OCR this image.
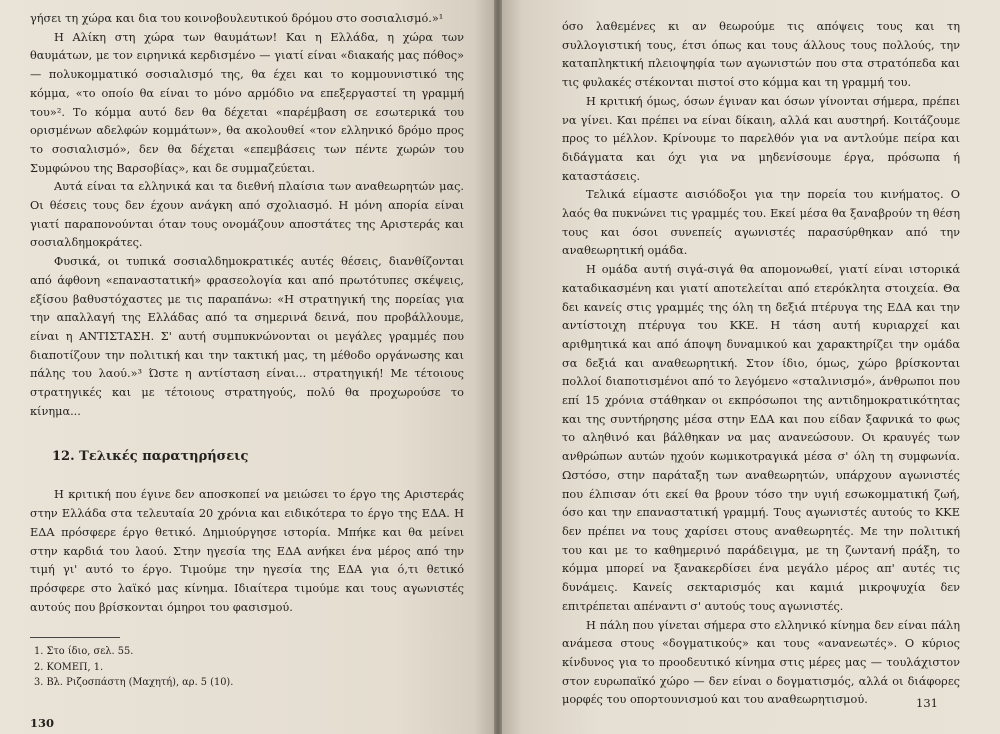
γήσει τη χώρα και δια του κοινοβουλευτικού δρόμου στο σοσιαλισμό.»¹

Η Αλίκη στη χώρα των θαυμάτων! Και η Ελλάδα, η χώρα των θαυμάτων, με τον ειρηνικά κερδισμένο — γιατί είναι «διακαής μας πόθος» — πολυκομματικό σοσιαλισμό της, θα έχει και το κομμουνιστικό της κόμμα, «το οποίο θα είναι το μόνο αρμόδιο να επεξεργαστεί τη γραμμή του»². Το κόμμα αυτό δεν θα δέχεται «παρέμβαση σε εσωτερικά του ορισμένων αδελφών κομμάτων», θα ακολουθεί «τον ελληνικό δρόμο προς το σοσιαλισμό», δεν θα δέχεται «επεμβάσεις των πέντε χωρών του Συμφώνου της Βαρσοβίας», και δε συμμαζεύεται.

Αυτά είναι τα ελληνικά και τα διεθνή πλαίσια των αναθεωρητών μας. Οι θέσεις τους δεν έχουν ανάγκη από σχολιασμό. Η μόνη απορία είναι γιατί παραπονούνται όταν τους ονομάζουν αποστάτες της Αριστεράς και σοσιαλδημοκράτες.

Φυσικά, οι τυπικά σοσιαλδημοκρατικές αυτές θέσεις, διανθίζονται από άφθονη «επαναστατική» φρασεολογία και από πρωτότυπες σκέψεις, εξίσου βαθυστόχαστες με τις παραπάνω: «Η στρατηγική της πορείας για την απαλλαγή της Ελλάδας από τα σημερινά δεινά, που προβάλλουμε, είναι η ΑΝΤΙΣΤΑΣΗ. Σ' αυτή συμπυκνώνονται οι μεγάλες γραμμές που διαποτίζουν την πολιτική και την τακτική μας, τη μέθοδο οργάνωσης και πάλης του λαού.»³ Ώστε η αντίσταση είναι... στρατηγική! Με τέτοιους στρατηγικές και με τέτοιους στρατηγούς, πολύ θα προχωρούσε το κίνημα...

12. Τελικές παρατηρήσεις

Η κριτική που έγινε δεν αποσκοπεί να μειώσει το έργο της Αριστεράς στην Ελλάδα στα τελευταία 20 χρόνια και ειδικότερα το έργο της ΕΔΑ. Η ΕΔΑ πρόσφερε έργο θετικό. Δημιούργησε ιστορία. Μπήκε και θα μείνει στην καρδιά του λαού. Στην ηγεσία της ΕΔΑ ανήκει ένα μέρος από την τιμή γι' αυτό το έργο. Τιμούμε την ηγεσία της ΕΔΑ για ό,τι θετικό πρόσφερε στο λαϊκό μας κίνημα. Ιδιαίτερα τιμούμε και τους αγωνιστές αυτούς που βρίσκονται όμηροι του φασισμού.

1. Στο ίδιο, σελ. 55.

2. ΚΟΜΕΠ, 1.

3. Βλ. Ριζοσπάστη (Μαχητή), αρ. 5 (10).

130

όσο λαθεμένες κι αν θεωρούμε τις απόψεις τους και τη συλλογιστική τους, έτσι όπως και τους άλλους τους πολλούς, την καταπληκτική πλειοψηφία των αγωνιστών που στα στρατόπεδα και τις φυλακές στέκονται πιστοί στο κόμμα και τη γραμμή του.

Η κριτική όμως, όσων έγιναν και όσων γίνονται σήμερα, πρέπει να γίνει. Και πρέπει να είναι δίκαιη, αλλά και αυστηρή. Κοιτάζουμε προς το μέλλον. Κρίνουμε το παρελθόν για να αντλούμε πείρα και διδάγματα και όχι για να μηδενίσουμε έργα, πρόσωπα ή καταστάσεις.

Τελικά είμαστε αισιόδοξοι για την πορεία του κινήματος. Ο λαός θα πυκνώνει τις γραμμές του. Εκεί μέσα θα ξαναβρούν τη θέση τους και όσοι συνεπείς αγωνιστές παρασύρθηκαν από την αναθεωρητική ομάδα.

Η ομάδα αυτή σιγά-σιγά θα απομονωθεί, γιατί είναι ιστορικά καταδικασμένη και γιατί αποτελείται από ετερόκλητα στοιχεία. Θα δει κανείς στις γραμμές της όλη τη δεξιά πτέρυγα της ΕΔΑ και την αντίστοιχη πτέρυγα του ΚΚΕ. Η τάση αυτή κυριαρχεί και αριθμητικά και από άποψη δυναμικού και χαρακτηρίζει την ομάδα σα δεξιά και αναθεωρητική. Στον ίδιο, όμως, χώρο βρίσκονται πολλοί διαποτισμένοι από το λεγόμενο «σταλινισμό», άνθρωποι που επί 15 χρόνια στάθηκαν οι εκπρόσωποι της αντιδημοκρατικότητας και της συντήρησης μέσα στην ΕΔΑ και που είδαν ξαφνικά το φως το αληθινό και βάλθηκαν να μας ανανεώσουν. Οι κραυγές των ανθρώπων αυτών ηχούν κωμικοτραγικά μέσα σ' όλη τη συμφωνία. Ωστόσο, στην παράταξη των αναθεωρητών, υπάρχουν αγωνιστές που έλπισαν ότι εκεί θα βρουν τόσο την υγιή εσωκομματική ζωή, όσο και την επαναστατική γραμμή. Τους αγωνιστές αυτούς το ΚΚΕ δεν πρέπει να τους χαρίσει στους αναθεωρητές. Με την πολιτική του και με το καθημερινό παράδειγμα, με τη ζωντανή πράξη, το κόμμα μπορεί να ξανακερδίσει ένα μεγάλο μέρος απ' αυτές τις δυνάμεις. Κανείς σεκταρισμός και καμιά μικροψυχία δεν επιτρέπεται απέναντι σ' αυτούς τους αγωνιστές.

Η πάλη που γίνεται σήμερα στο ελληνικό κίνημα δεν είναι πάλη ανάμεσα στους «δογματικούς» και τους «ανανεωτές». Ο κύριος κίνδυνος για το προοδευτικό κίνημα στις μέρες μας — τουλάχιστον στον ευρωπαϊκό χώρο — δεν είναι ο δογματισμός, αλλά οι διάφορες μορφές του οπορτουνισμού και του αναθεωρητισμού.	131
